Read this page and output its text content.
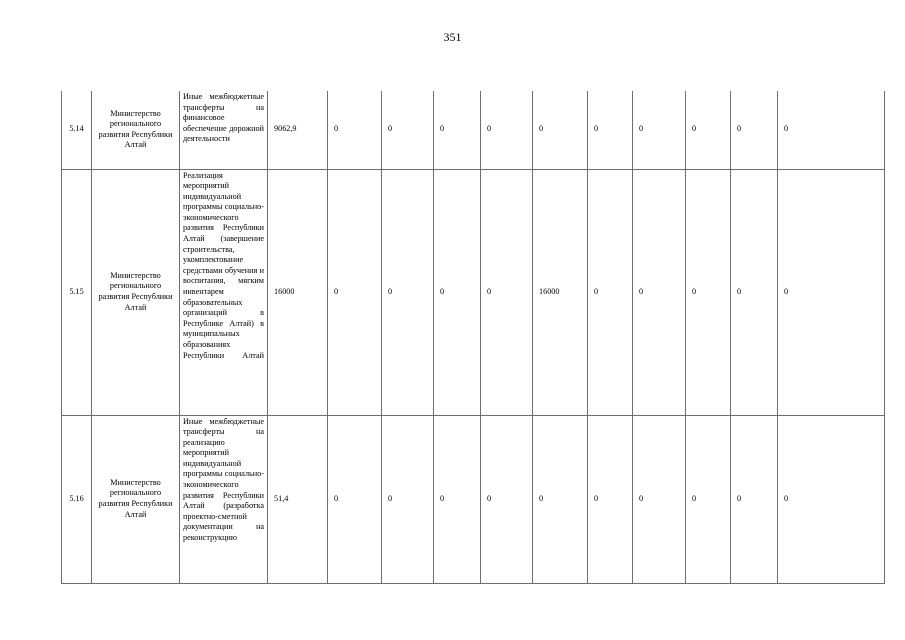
351
5.14	Министерство регионального развития Республики Алтай	Иные межбюджетные трансферты на финансовое обеспечение дорожной деятельности	9062,9	0	0	0	0	0	0	0	0	0	0	
5.15	Министерство регионального развития Республики Алтай	Реализация мероприятий индивидуальной программы социально-экономического развития Республики Алтай (завершение строительства, укомплектование средствами обучения и воспитания, мягким инвентарем образовательных организаций в Республике Алтай) в муниципальных образованиях Республики Алтай	16000	0	0	0	0	16000	0	0	0	0	0	
5.16	Министерство регионального развития Республики Алтай	Иные межбюджетные трансферты на реализацию мероприятий индивидуальной программы социально-экономического развития Республики Алтай (разработка проектно-сметной документации на реконструкцию	51,4	0	0	0	0	0	0	0	0	0	0	
